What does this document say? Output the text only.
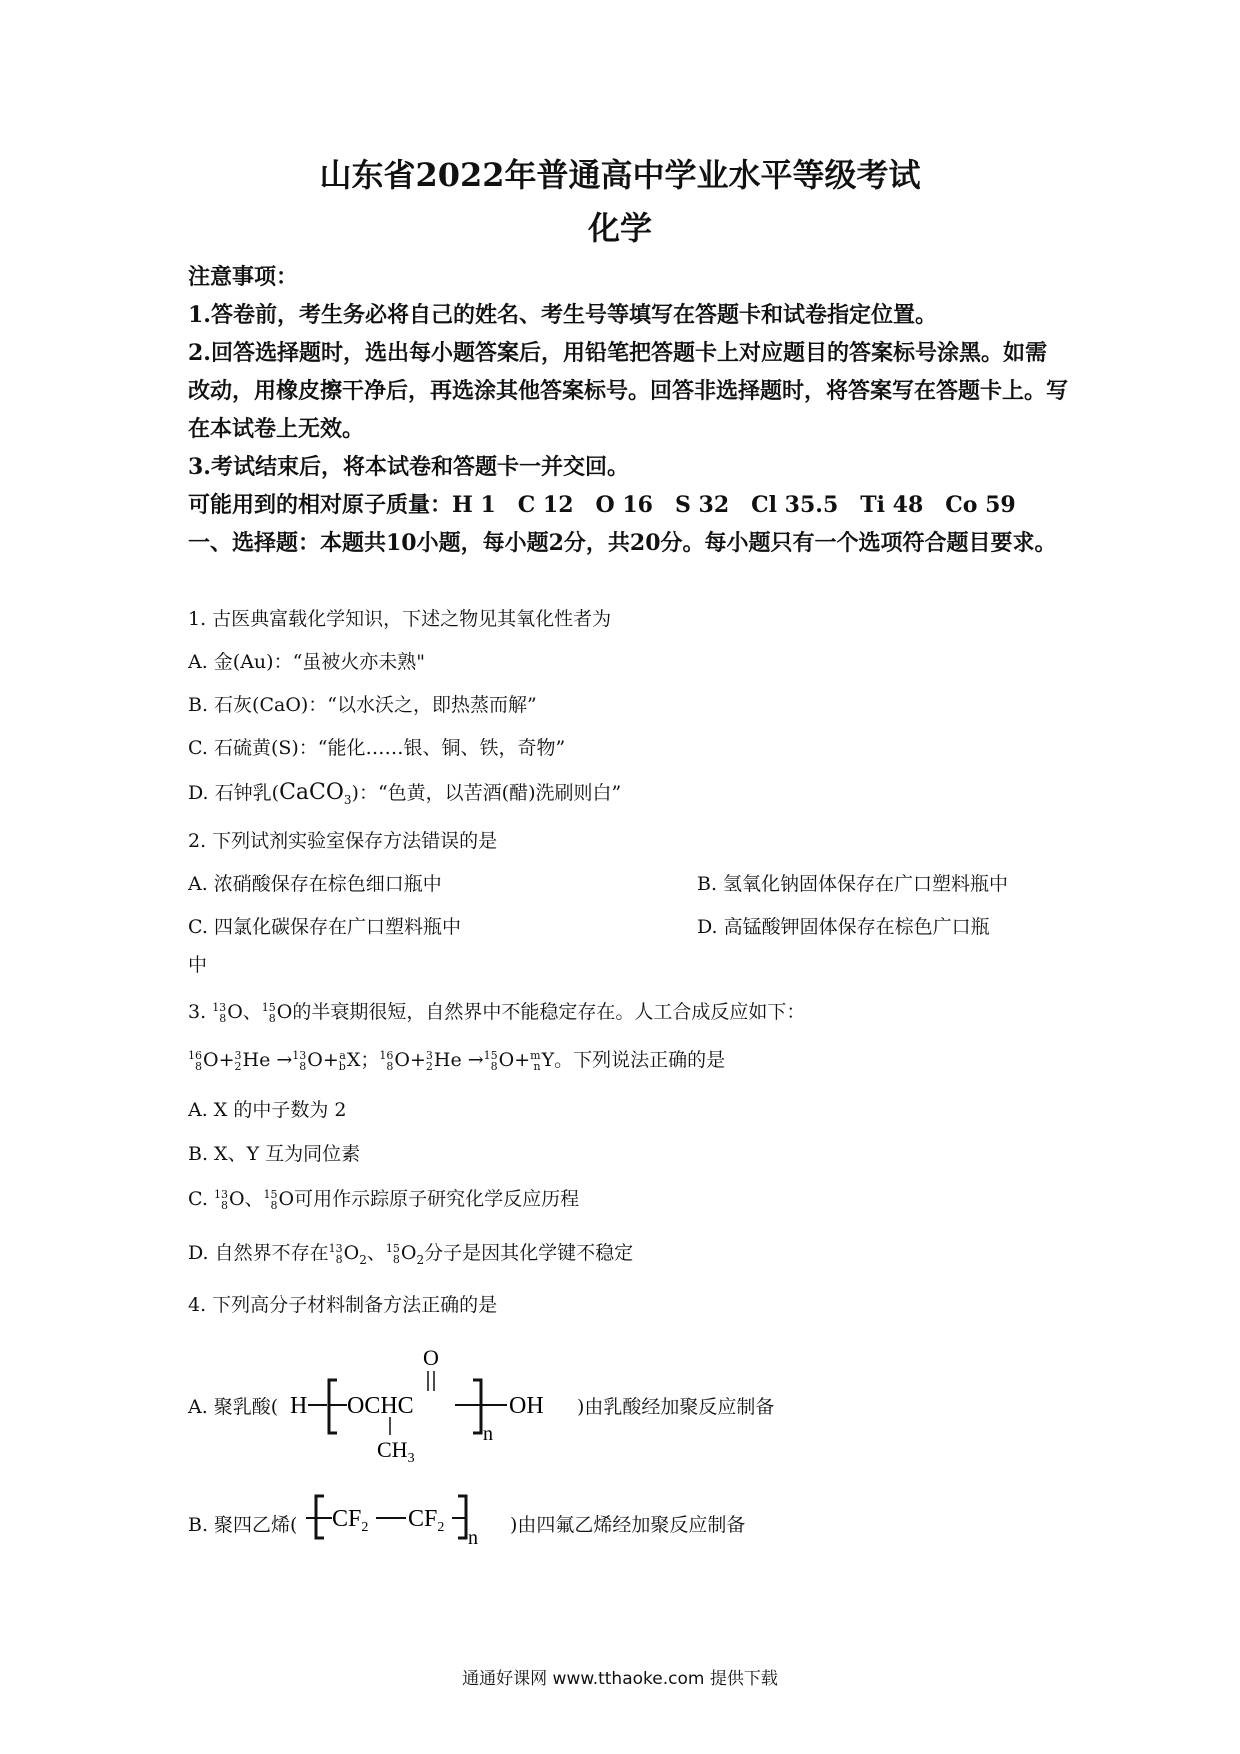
山东省2022年普通高中学业水平等级考试
化学
注意事项：
1.答卷前，考生务必将自己的姓名、考生号等填写在答题卡和试卷指定位置。
2.回答选择题时，选出每小题答案后，用铅笔把答题卡上对应题目的答案标号涂黑。如需改动，用橡皮擦干净后，再选涂其他答案标号。回答非选择题时，将答案写在答题卡上。写在本试卷上无效。
3.考试结束后，将本试卷和答题卡一并交回。
可能用到的相对原子质量：H 1　C 12　O 16　S 32　Cl 35.5　Ti 48　Co 59
一、选择题：本题共10小题，每小题2分，共20分。每小题只有一个选项符合题目要求。
1. 古医典富载化学知识，下述之物见其氧化性者为
A. 金(Au)：“虽被火亦未熟"
B. 石灰(CaO)：“以水沃之，即热蒸而解”
C. 石硫黄(S)：“能化……银、铜、铁，奇物”
D. 石钟乳(CaCO$_3$)：“色黄，以苦酒(醋)洗刷则白”
2. 下列试剂实验室保存方法错误的是
A. 浓硝酸保存在棕色细口瓶中	B. 氢氧化钠固体保存在广口塑料瓶中
C. 四氯化碳保存在广口塑料瓶中	D. 高锰酸钾固体保存在棕色广口瓶
中
3. 13
8 O、 15
8 O的半衰期很短，自然界中不能稳定存在。人工合成反应如下：
16
8 O+ 3
2 He → 13
8 O+ a
b X； 16
8 O+ 3
2 He → 15
8 O+ m
n Y。下列说法正确的是
A. X 的中子数为 2
B. X、Y 互为同位素
C. 13
8 O、 15
8 O可用作示踪原子研究化学反应历程
D. 自然界不存在 13
8 $O_2$、 15
8 $O_2$分子是因其化学键不稳定
4. 下列高分子材料制备方法正确的是
A. 聚乳酸( H OCHC
O
$CH_3$
n
OH )由乳酸经加聚反应制备
B. 聚四乙烯( $CF_2$ $CF_2$ n
)由四氟乙烯经加聚反应制备
通通好课网 www.tthaoke.com 提供下载
